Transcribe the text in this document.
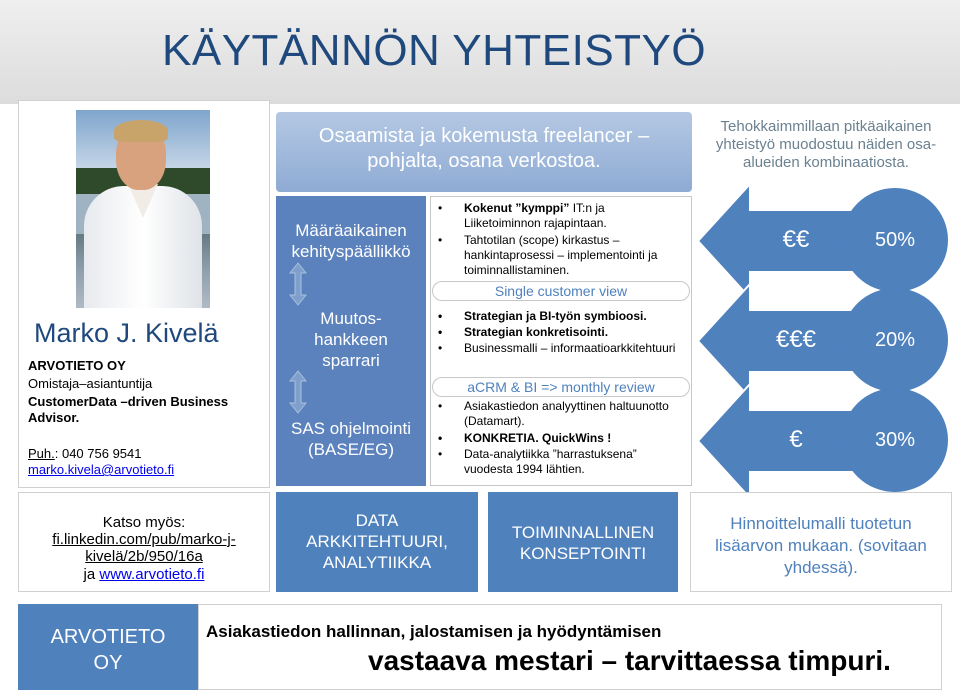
KÄYTÄNNÖN YHTEISTYÖ
Marko J. Kivelä
ARVOTIETO OY
Omistaja–asiantuntija
CustomerData –driven Business Advisor.
Puh.: 040 756 9541
marko.kivela@arvotieto.fi
Osaamista ja kokemusta freelancer –pohjalta, osana verkostoa.
Tehokkaimmillaan pitkäaikainen yhteistyö muodostuu näiden osa-alueiden kombinaatiosta.
Määräaikainen kehityspäällikkö
Muutos-hankkeen sparrari
SAS ohjelmointi (BASE/EG)
• Kokenut ”kymppi” IT:n ja Liiketoiminnon rajapintaan.
• Tahtotilan (scope) kirkastus – hankintaprosessi – implementointi ja toiminnallistaminen.
Single customer view
• Strategian ja BI-työn symbioosi.
• Strategian konkretisointi.
• Businessmalli – informaatioarkkitehtuuri
aCRM & BI => monthly review
• Asiakastiedon analyyttinen haltuunotto (Datamart).
• KONKRETIA. QuickWins !
• Data-analytiikka ”harrastuksena” vuodesta 1994 lähtien.
50%
20%
30%
€€
€€€
€
Katso myös:
fi.linkedin.com/pub/marko-j-kivelä/2b/950/16a
ja www.arvotieto.fi
DATA ARKKITEHTUURI, ANALYTIIKKA
TOIMINNALLINEN KONSEPTOINTI
Hinnoittelumalli tuotetun lisäarvon mukaan. (sovitaan yhdessä).
ARVOTIETO OY
Asiakastiedon hallinnan, jalostamisen ja hyödyntämisen
vastaava mestari – tarvittaessa timpuri.
